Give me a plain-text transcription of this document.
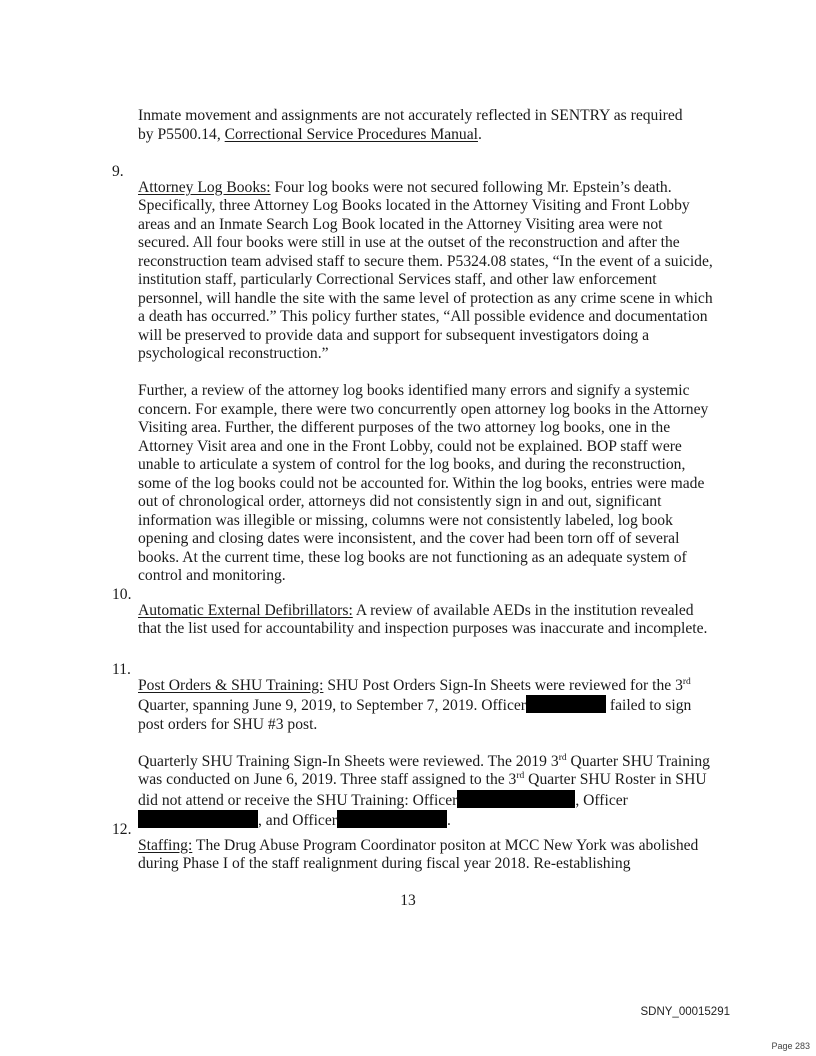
Inmate movement and assignments are not accurately reflected in SENTRY as required
by P5500.14, Correctional Service Procedures Manual.

9.

Attorney Log Books: Four log books were not secured following Mr. Epstein’s death. Specifically, three Attorney Log Books located in the Attorney Visiting and Front Lobby areas and an Inmate Search Log Book located in the Attorney Visiting area were not secured. All four books were still in use at the outset of the reconstruction and after the reconstruction team advised staff to secure them. P5324.08 states, “In the event of a suicide, institution staff, particularly Correctional Services staff, and other law enforcement personnel, will handle the site with the same level of protection as any crime scene in which a death has occurred.” This policy further states, “All possible evidence and documentation will be preserved to provide data and support for subsequent investigators doing a psychological reconstruction.”

Further, a review of the attorney log books identified many errors and signify a systemic concern. For example, there were two concurrently open attorney log books in the Attorney Visiting area. Further, the different purposes of the two attorney log books, one in the Attorney Visit area and one in the Front Lobby, could not be explained. BOP staff were unable to articulate a system of control for the log books, and during the reconstruction, some of the log books could not be accounted for. Within the log books, entries were made out of chronological order, attorneys did not consistently sign in and out, significant information was illegible or missing, columns were not consistently labeled, log book opening and closing dates were inconsistent, and the cover had been torn off of several books. At the current time, these log books are not functioning as an adequate system of control and monitoring.

10.

Automatic External Defibrillators: A review of available AEDs in the institution revealed that the list used for accountability and inspection purposes was inaccurate and incomplete.

11.

Post Orders & SHU Training: SHU Post Orders Sign-In Sheets were reviewed for the 3rd Quarter, spanning June 9, 2019, to September 7, 2019. Officer	failed to sign post orders for SHU #3 post.

Quarterly SHU Training Sign-In Sheets were reviewed. The 2019 3rd Quarter SHU Training was conducted on June 6, 2019. Three staff assigned to the 3rd Quarter SHU Roster in SHU did not attend or receive the SHU Training: Officer	, Officer, and Officer	.

12.

Staffing: The Drug Abuse Program Coordinator positon at MCC New York was abolished during Phase I of the staff realignment during fiscal year 2018. Re-establishing

13
SDNY_00015291
Page 283
